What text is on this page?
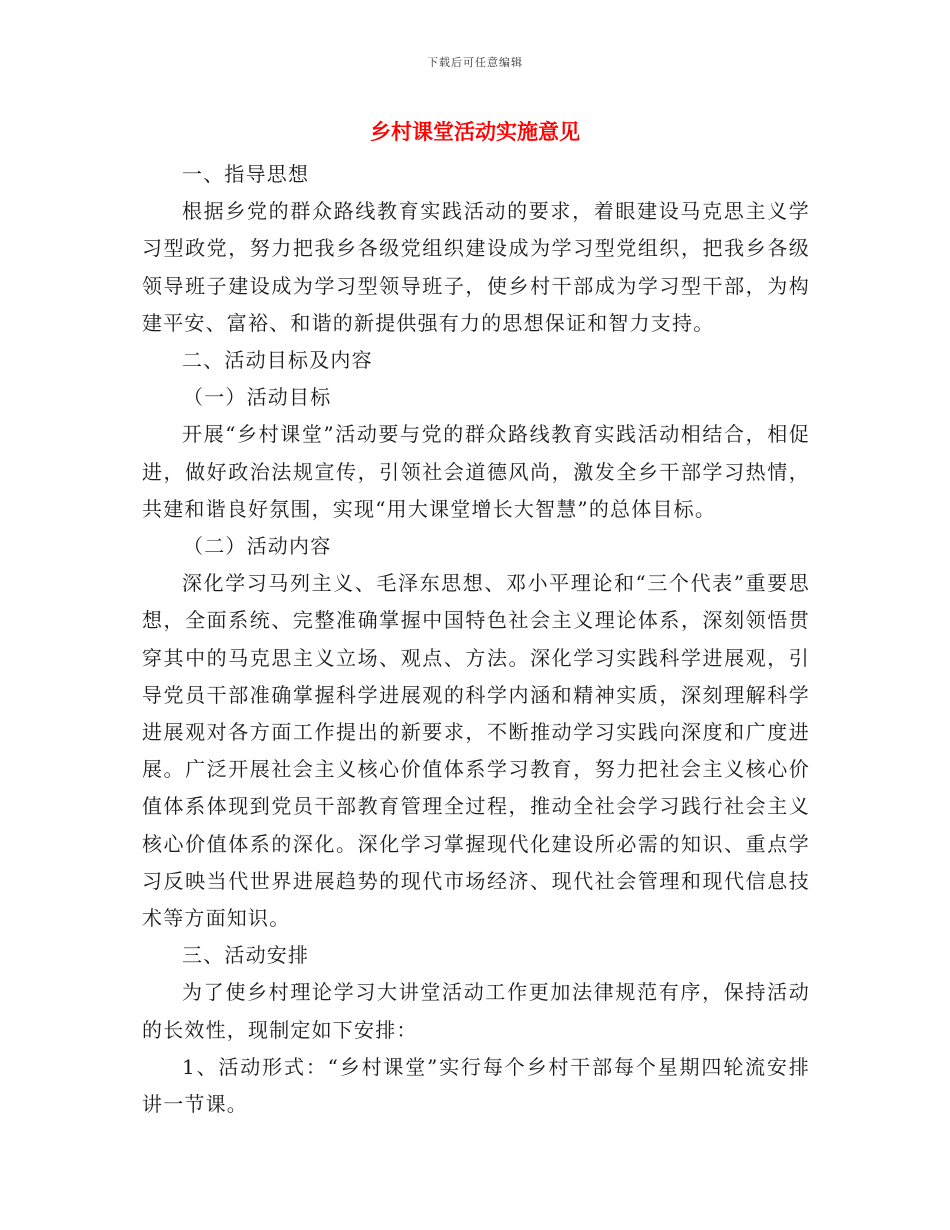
下载后可任意编辑
乡村课堂活动实施意见

一、指导思想

根据乡党的群众路线教育实践活动的要求，着眼建设马克思主义学习型政党，努力把我乡各级党组织建设成为学习型党组织，把我乡各级领导班子建设成为学习型领导班子，使乡村干部成为学习型干部，为构建平安、富裕、和谐的新提供强有力的思想保证和智力支持。

二、活动目标及内容

（一）活动目标

开展“乡村课堂”活动要与党的群众路线教育实践活动相结合，相促进，做好政治法规宣传，引领社会道德风尚，激发全乡干部学习热情，共建和谐良好氛围，实现“用大课堂增长大智慧”的总体目标。

（二）活动内容

深化学习马列主义、毛泽东思想、邓小平理论和“三个代表”重要思想，全面系统、完整准确掌握中国特色社会主义理论体系，深刻领悟贯穿其中的马克思主义立场、观点、方法。深化学习实践科学进展观，引导党员干部准确掌握科学进展观的科学内涵和精神实质，深刻理解科学进展观对各方面工作提出的新要求，不断推动学习实践向深度和广度进展。广泛开展社会主义核心价值体系学习教育，努力把社会主义核心价值体系体现到党员干部教育管理全过程，推动全社会学习践行社会主义核心价值体系的深化。深化学习掌握现代化建设所必需的知识、重点学习反映当代世界进展趋势的现代市场经济、现代社会管理和现代信息技术等方面知识。

三、活动安排

为了使乡村理论学习大讲堂活动工作更加法律规范有序，保持活动的长效性，现制定如下安排：

1、活动形式：“乡村课堂”实行每个乡村干部每个星期四轮流安排讲一节课。
